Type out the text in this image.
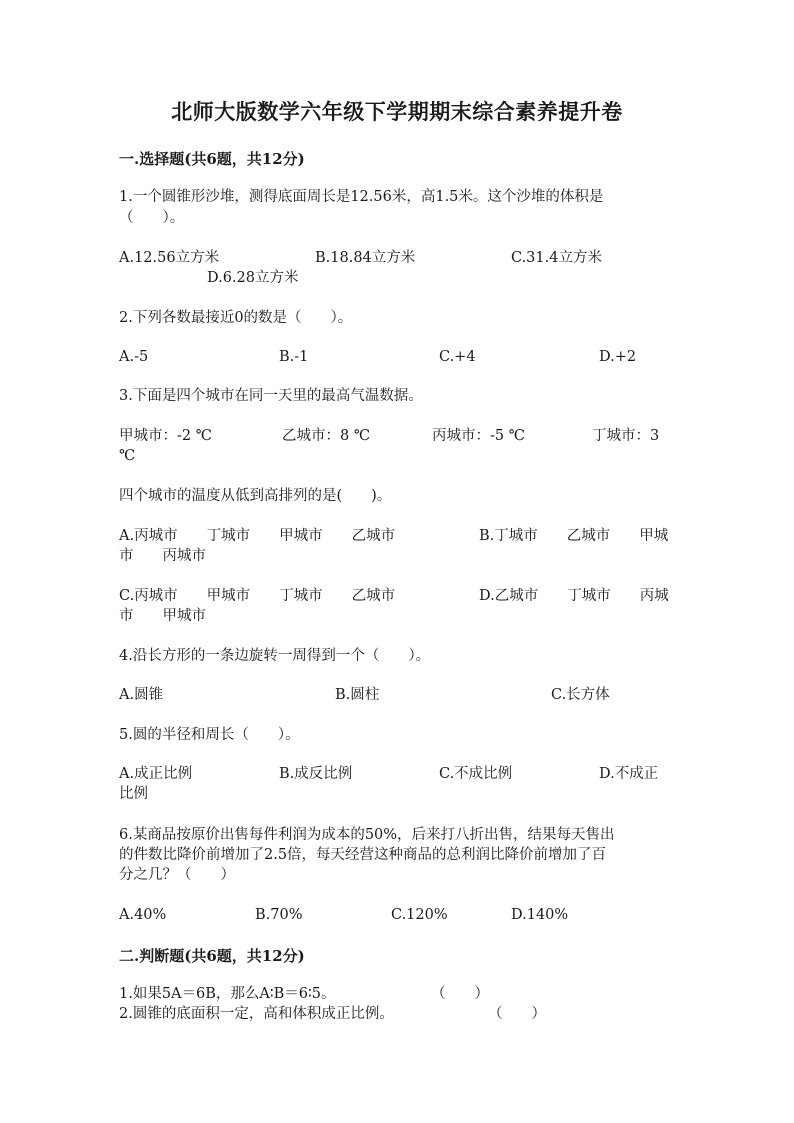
北师大版数学六年级下学期期末综合素养提升卷
一.选择题(共6题，共12分)
1.一个圆锥形沙堆，测得底面周长是12.56米，高1.5米。这个沙堆的体积是
（　　）。
A.12.56立方米	B.18.84立方米	C.31.4立方米
D.6.28立方米
2.下列各数最接近0的数是（　　）。
A.-5	B.-1	C.+4	D.+2
3.下面是四个城市在同一天里的最高气温数据。
甲城市：-2 ℃	乙城市：8 ℃	丙城市：-5 ℃	丁城市：3
℃
四个城市的温度从低到高排列的是(　　)。
A.丙城市　　丁城市　　甲城市　　乙城市	B.丁城市　　乙城市　　甲城
市　　丙城市
C.丙城市　　甲城市　　丁城市　　乙城市	D.乙城市　　丁城市　　丙城
市　　甲城市
4.沿长方形的一条边旋转一周得到一个（　　）。
A.圆锥	B.圆柱	C.长方体
5.圆的半径和周长（　　）。
A.成正比例	B.成反比例	C.不成比例	D.不成正
比例
6.某商品按原价出售每件利润为成本的50%，后来打八折出售，结果每天售出
的件数比降价前增加了2.5倍，每天经营这种商品的总利润比降价前增加了百
分之几？（　　）
A.40%	B.70%	C.120%	D.140%
二.判断题(共6题，共12分)
1.如果5A＝6B，那么A∶B＝6∶5。	（　　）
2.圆锥的底面积一定，高和体积成正比例。	（　　）
